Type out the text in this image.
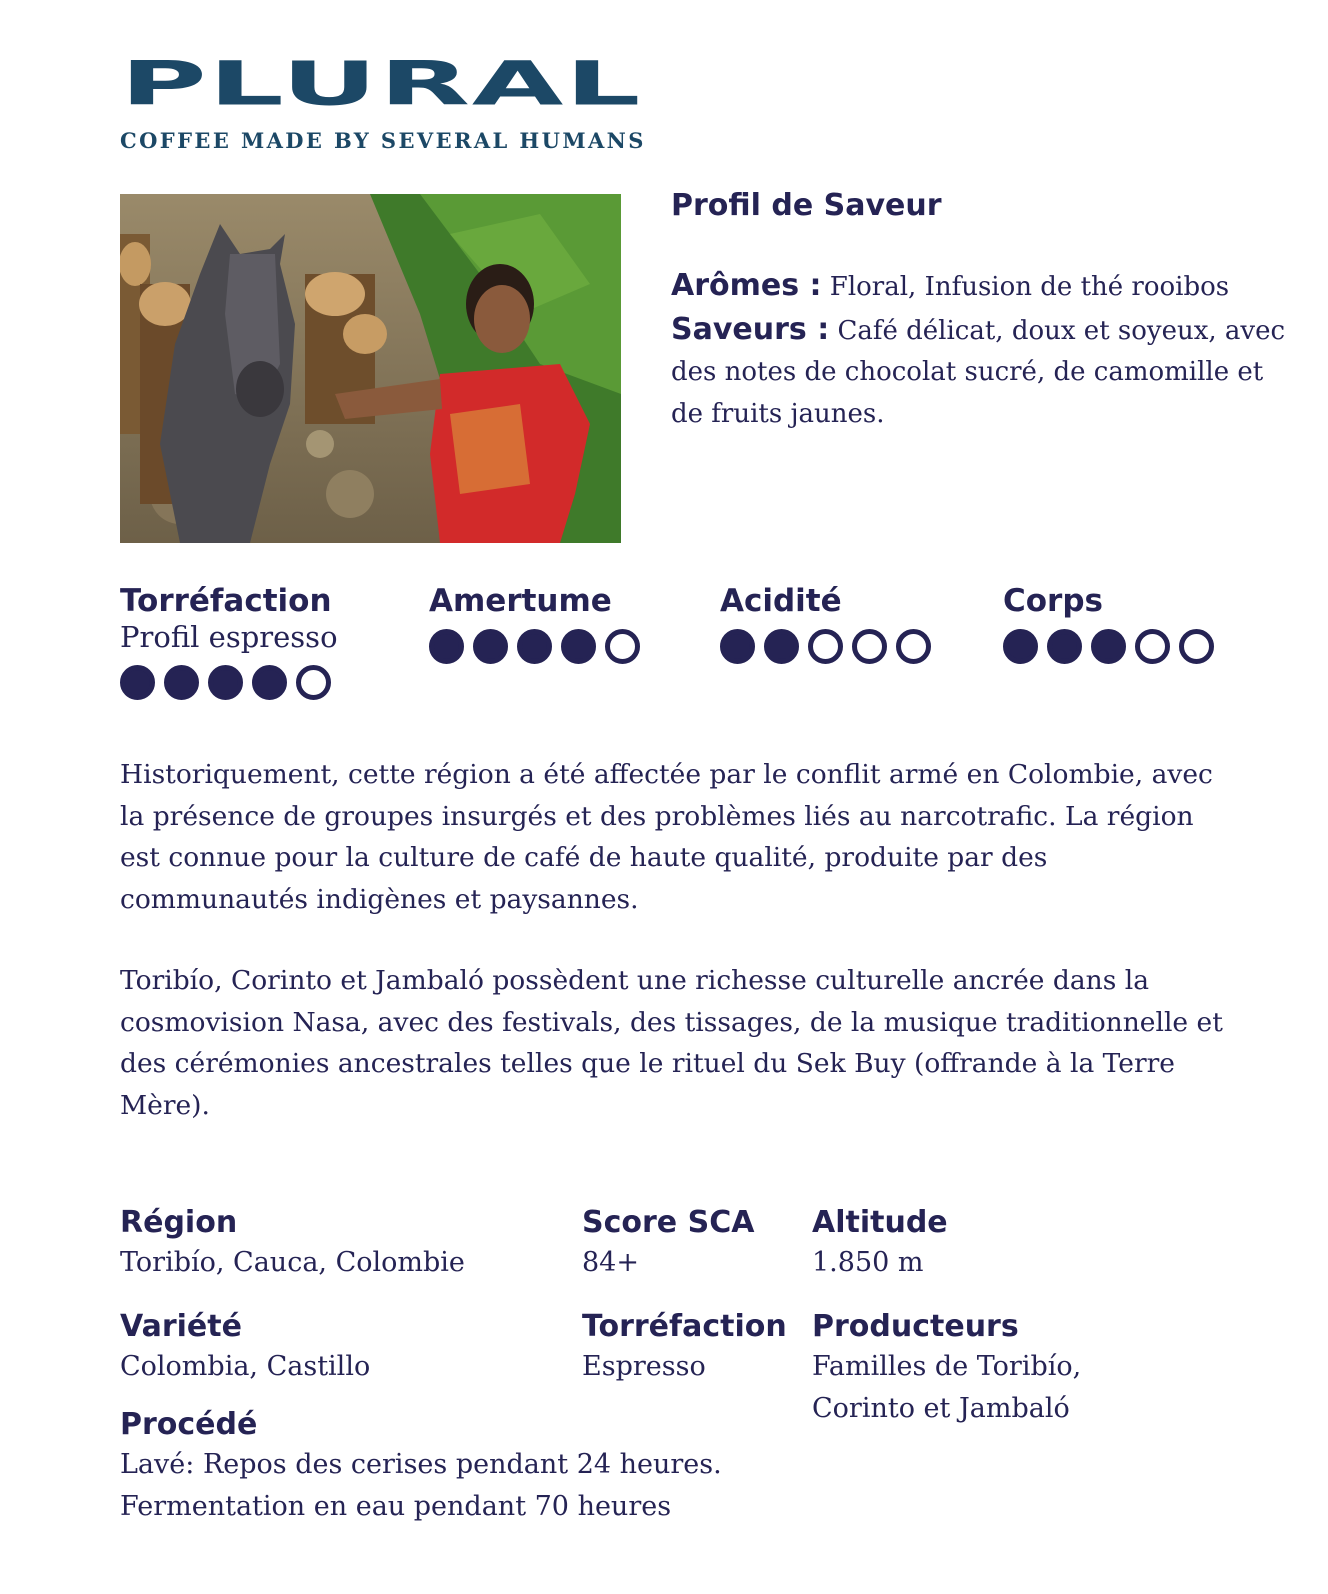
PLURAL
COFFEE MADE BY SEVERAL HUMANS
Profil de Saveur
Arômes : Floral, Infusion de thé rooibos
Saveurs : Café délicat, doux et soyeux, avec des notes de chocolat sucré, de camomille et de fruits jaunes.
Torréfaction
Profil espresso
Amertume	Acidité	Corps
Historiquement, cette région a été affectée par le conflit armé en Colombie, avec la présence de groupes insurgés et des problèmes liés au narcotrafic. La région est connue pour la culture de café de haute qualité, produite par des communautés indigènes et paysannes.
Toribío, Corinto et Jambaló possèdent une richesse culturelle ancrée dans la cosmovision Nasa, avec des festivals, des tissages, de la musique traditionnelle et des cérémonies ancestrales telles que le rituel du Sek Buy (offrande à la Terre Mère).
Région
Toribío, Cauca, Colombie
Score SCA
84+
Altitude
1.850 m
Variété
Colombia, Castillo
Torréfaction
Espresso
Producteurs
Familles de Toribío,
Corinto et Jambaló
Procédé
Lavé: Repos des cerises pendant 24 heures.
Fermentation en eau pendant 70 heures
